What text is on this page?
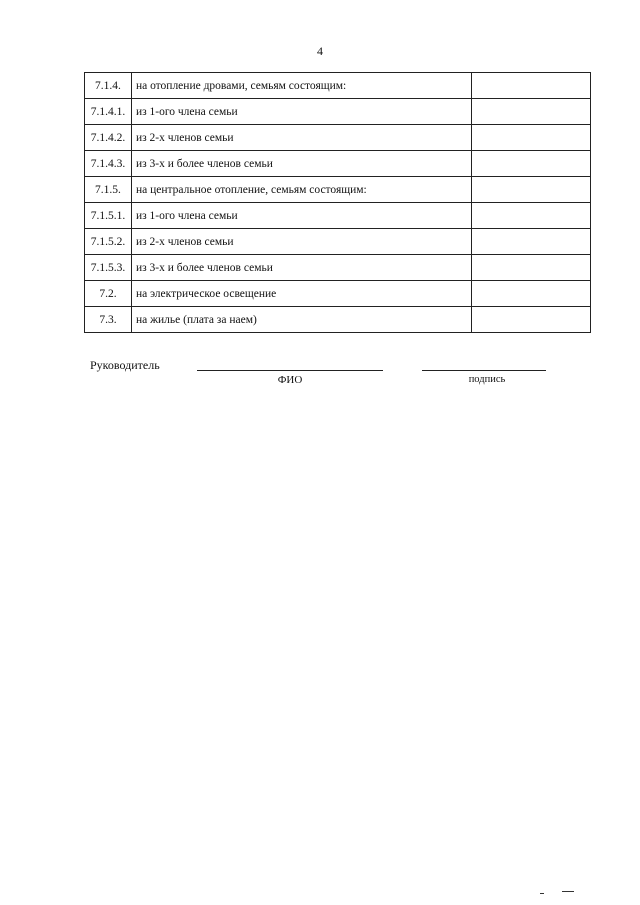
4
7.1.4.	на отопление дровами, семьям состоящим:	
7.1.4.1.	из 1-ого члена семьи	
7.1.4.2.	из 2-х членов семьи	
7.1.4.3.	из 3-х и более членов семьи	
7.1.5.	на центральное отопление, семьям состоящим:	
7.1.5.1.	из 1-ого члена семьи	
7.1.5.2.	из 2-х членов семьи	
7.1.5.3.	из 3-х и более членов семьи	
7.2.	на электрическое освещение	
7.3.	на жилье (плата за наем)	
Руководитель
ФИО	подпись
